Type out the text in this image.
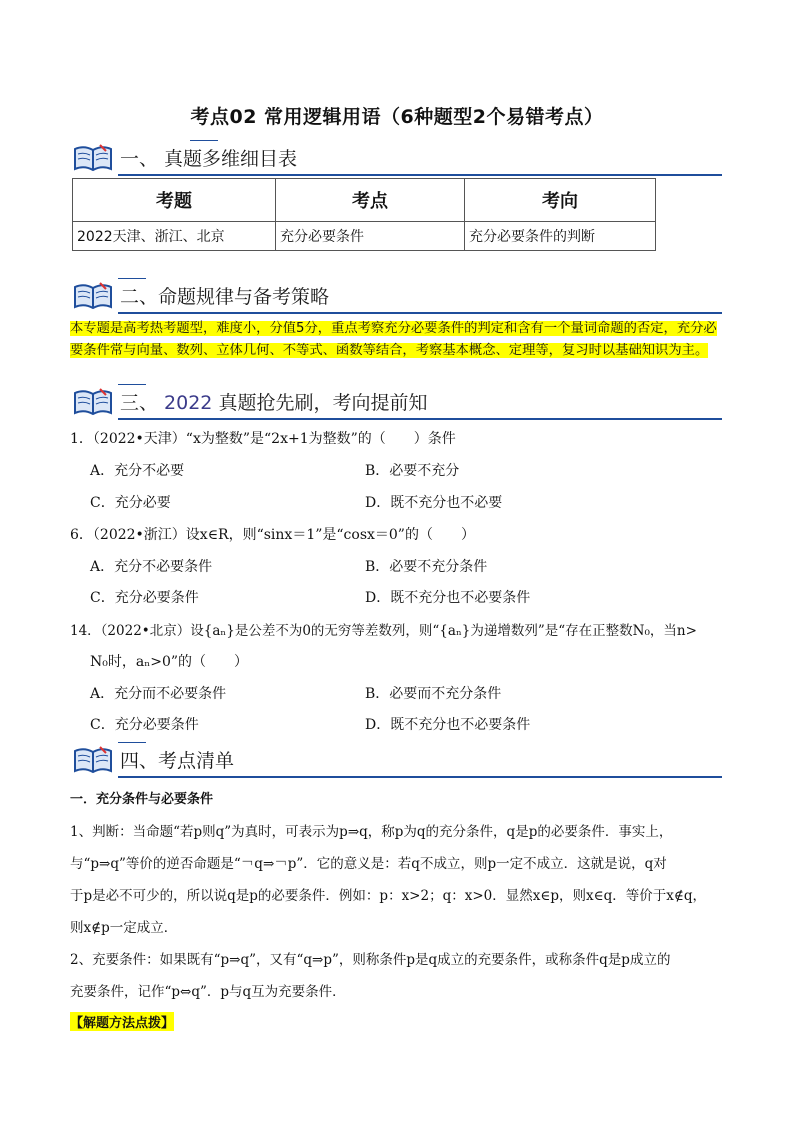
考点02 常用逻辑用语（6种题型2个易错考点）
一、 真题多维细目表
考题	考点	考向
2022天津、浙江、北京	充分必要条件	充分必要条件的判断
二、命题规律与备考策略
本专题是高考热考题型，难度小，分值5分，重点考察充分必要条件的判定和含有一个量词命题的否定，充分必要条件常与向量、数列、立体几何、不等式、函数等结合，考察基本概念、定理等，复习时以基础知识为主。
三、 2022 真题抢先刷，考向提前知
1．（2022•天津）“x为整数”是“2x+1为整数”的（　　）条件
A．充分不必要	B．必要不充分
C．充分必要	D．既不充分也不必要
6．（2022•浙江）设x∈R，则“sinx＝1”是“cosx＝0”的（　　）
A．充分不必要条件	B．必要不充分条件
C．充分必要条件	D．既不充分也不必要条件
14．（2022•北京）设{aₙ}是公差不为0的无穷等差数列，则“{aₙ}为递增数列”是“存在正整数N₀，当n>
N₀时，aₙ>0”的（　　）
A．充分而不必要条件	B．必要而不充分条件
C．充分必要条件	D．既不充分也不必要条件
四、考点清单
一．充分条件与必要条件
1、判断：当命题“若p则q”为真时，可表示为p⇒q，称p为q的充分条件，q是p的必要条件．事实上，
与“p⇒q”等价的逆否命题是“￢q⇒￢p”．它的意义是：若q不成立，则p一定不成立．这就是说，q对
于p是必不可少的，所以说q是p的必要条件．例如：p：x>2；q：x>0．显然x∈p，则x∈q．等价于x∉q，
则x∉p一定成立．
2、充要条件：如果既有“p⇒q”，又有“q⇒p”，则称条件p是q成立的充要条件，或称条件q是p成立的
充要条件，记作“p⇔q”．p与q互为充要条件．
【解题方法点拨】
